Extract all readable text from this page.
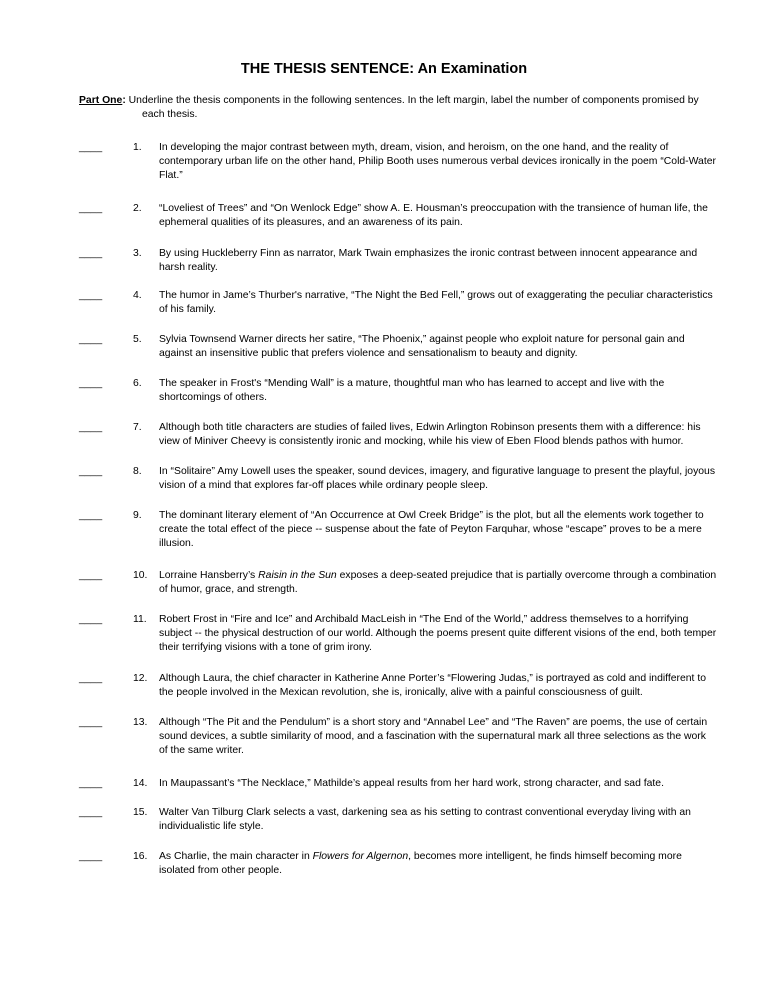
THE THESIS SENTENCE: An Examination
Part One: Underline the thesis components in the following sentences. In the left margin, label the number of components promised by
each thesis.
____	1. In developing the major contrast between myth, dream, vision, and heroism, on the one hand, and the reality of contemporary urban life on the other hand, Philip Booth uses numerous verbal devices ironically in the poem “Cold-Water Flat.”
____	2. “Loveliest of Trees” and “On Wenlock Edge” show A. E. Housman’s preoccupation with the transience of human life, the ephemeral qualities of its pleasures, and an awareness of its pain.
____	3. By using Huckleberry Finn as narrator, Mark Twain emphasizes the ironic contrast between innocent appearance and harsh reality.
____	4. The humor in Jame’s Thurber's narrative, “The Night the Bed Fell,” grows out of exaggerating the peculiar characteristics of his family.
____	5. Sylvia Townsend Warner directs her satire, “The Phoenix,” against people who exploit nature for personal gain and against an insensitive public that prefers violence and sensationalism to beauty and dignity.
____	6. The speaker in Frost's “Mending Wall” is a mature, thoughtful man who has learned to accept and live with the shortcomings of others.
____	7. Although both title characters are studies of failed lives, Edwin Arlington Robinson presents them with a difference: his view of Miniver Cheevy is consistently ironic and mocking, while his view of Eben Flood blends pathos with humor.
____	8. In “Solitaire” Amy Lowell uses the speaker, sound devices, imagery, and figurative language to present the playful, joyous vision of a mind that explores far-off places while ordinary people sleep.
____	9. The dominant literary element of “An Occurrence at Owl Creek Bridge” is the plot, but all the elements work together to create the total effect of the piece -- suspense about the fate of Peyton Farquhar, whose “escape” proves to be a mere illusion.
____	10. Lorraine Hansberry’s Raisin in the Sun exposes a deep-seated prejudice that is partially overcome through a combination of humor, grace, and strength.
____	11. Robert Frost in “Fire and Ice” and Archibald MacLeish in “The End of the World,” address themselves to a horrifying subject -- the physical destruction of our world. Although the poems present quite different visions of the end, both temper their terrifying visions with a tone of grim irony.
____	12. Although Laura, the chief character in Katherine Anne Porter’s “Flowering Judas,” is portrayed as cold and indifferent to the people involved in the Mexican revolution, she is, ironically, alive with a painful consciousness of guilt.
____	13. Although “The Pit and the Pendulum” is a short story and “Annabel Lee” and “The Raven” are poems, the use of certain sound devices, a subtle similarity of mood, and a fascination with the supernatural mark all three selections as the work of the same writer.
____	14. In Maupassant’s “The Necklace,” Mathilde’s appeal results from her hard work, strong character, and sad fate.
____	15. Walter Van Tilburg Clark selects a vast, darkening sea as his setting to contrast conventional everyday living with an individualistic life style.
____	16. As Charlie, the main character in Flowers for Algernon, becomes more intelligent, he finds himself becoming more isolated from other people.
